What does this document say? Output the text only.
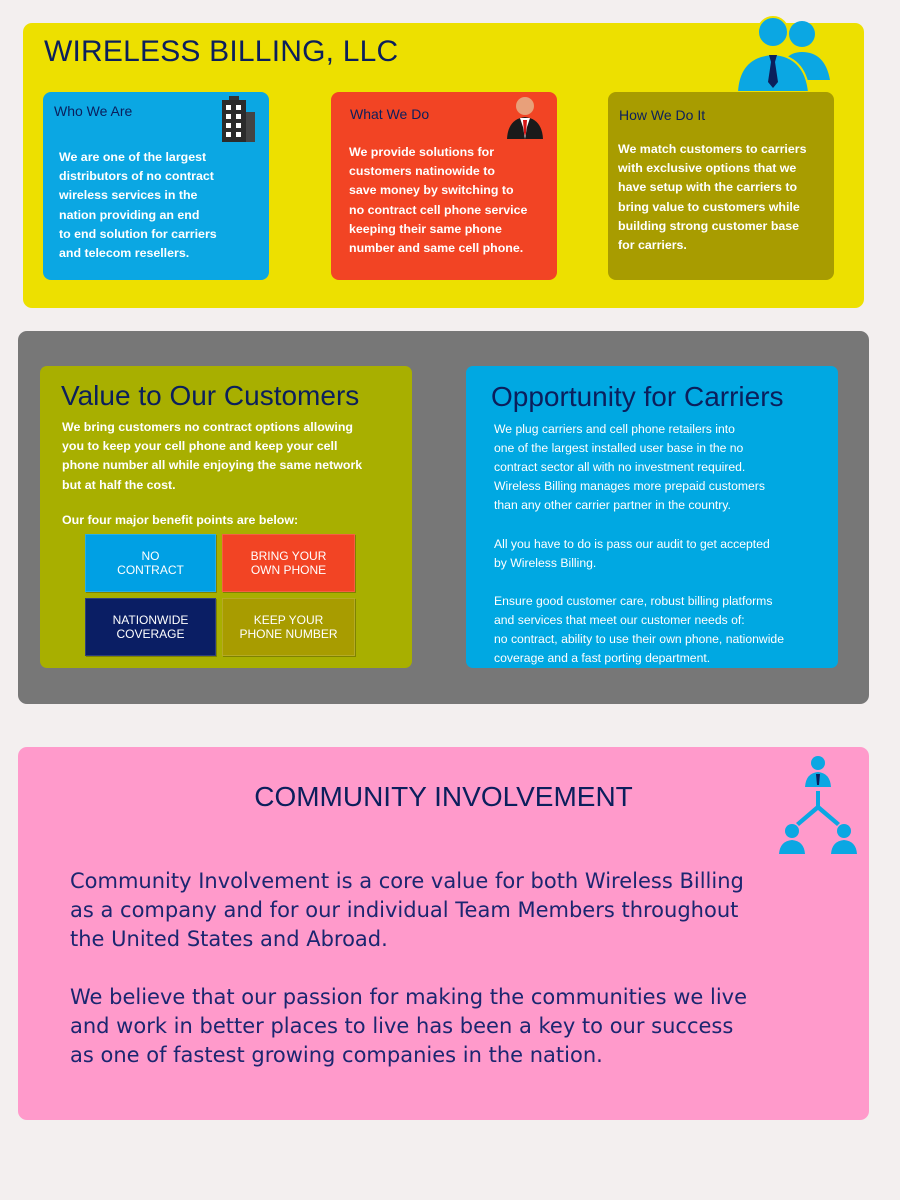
WIRELESS BILLING, LLC
Who We Are
We are one of the largest
distributors of no contract
wireless services in the
nation providing an end
to end solution for carriers
and telecom resellers.
What We Do
We provide solutions for
customers natinowide to
save money by switching to
no contract cell phone service
keeping their same phone
number and same cell phone.
How We Do It
We match customers to carriers
with exclusive options that we
have setup with the carriers to
bring value to customers while
building strong customer base
for carriers.
Value to Our Customers
We bring customers no contract options allowing
you to keep your cell phone and keep your cell
phone number all while enjoying the same network
but at half the cost.
Our four major benefit points are below:
NO
CONTRACT
BRING YOUR
OWN PHONE
NATIONWIDE
COVERAGE
KEEP YOUR
PHONE NUMBER
Opportunity for Carriers

We plug carriers and cell phone retailers into
one of the largest installed user base in the no
contract sector all with no investment required.
Wireless Billing manages more prepaid customers
than any other carrier partner in the country.

All you have to do is pass our audit to get accepted
by Wireless Billing.

Ensure good customer care, robust billing platforms
and services that meet our customer needs of:
no contract, ability to use their own phone, nationwide
coverage and a fast porting department.

COMMUNITY INVOLVEMENT

Community Involvement is a core value for both Wireless Billing as a company and for our individual Team Members throughout the United States and Abroad.

We believe that our passion for making the communities we live and work in better places to live has been a key to our success as one of fastest growing companies in the nation.
